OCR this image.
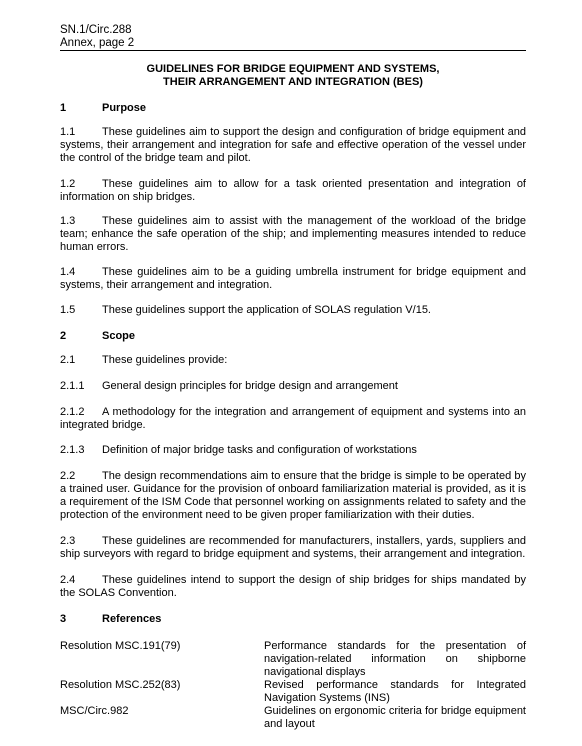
SN.1/Circ.288
Annex, page 2
GUIDELINES FOR BRIDGE EQUIPMENT AND SYSTEMS,
THEIR ARRANGEMENT AND INTEGRATION (BES)
1	Purpose
1.1 These guidelines aim to support the design and configuration of bridge equipment and systems, their arrangement and integration for safe and effective operation of the vessel under the control of the bridge team and pilot.
1.2 These guidelines aim to allow for a task oriented presentation and integration of information on ship bridges.
1.3 These guidelines aim to assist with the management of the workload of the bridge team; enhance the safe operation of the ship; and implementing measures intended to reduce human errors.
1.4 These guidelines aim to be a guiding umbrella instrument for bridge equipment and systems, their arrangement and integration.
1.5 These guidelines support the application of SOLAS regulation V/15.
2	Scope
2.1 These guidelines provide:
2.1.1 General design principles for bridge design and arrangement
2.1.2 A methodology for the integration and arrangement of equipment and systems into an integrated bridge.
2.1.3 Definition of major bridge tasks and configuration of workstations
2.2 The design recommendations aim to ensure that the bridge is simple to be operated by a trained user. Guidance for the provision of onboard familiarization material is provided, as it is a requirement of the ISM Code that personnel working on assignments related to safety and the protection of the environment need to be given proper familiarization with their duties.
2.3 These guidelines are recommended for manufacturers, installers, yards, suppliers and ship surveyors with regard to bridge equipment and systems, their arrangement and integration.
2.4 These guidelines intend to support the design of ship bridges for ships mandated by the SOLAS Convention.
3	References
Resolution MSC.191(79)	Performance standards for the presentation of navigation-related information on shipborne navigational displays
Resolution MSC.252(83)	Revised performance standards for Integrated Navigation Systems (INS)
MSC/Circ.982	Guidelines on ergonomic criteria for bridge equipment and layout
